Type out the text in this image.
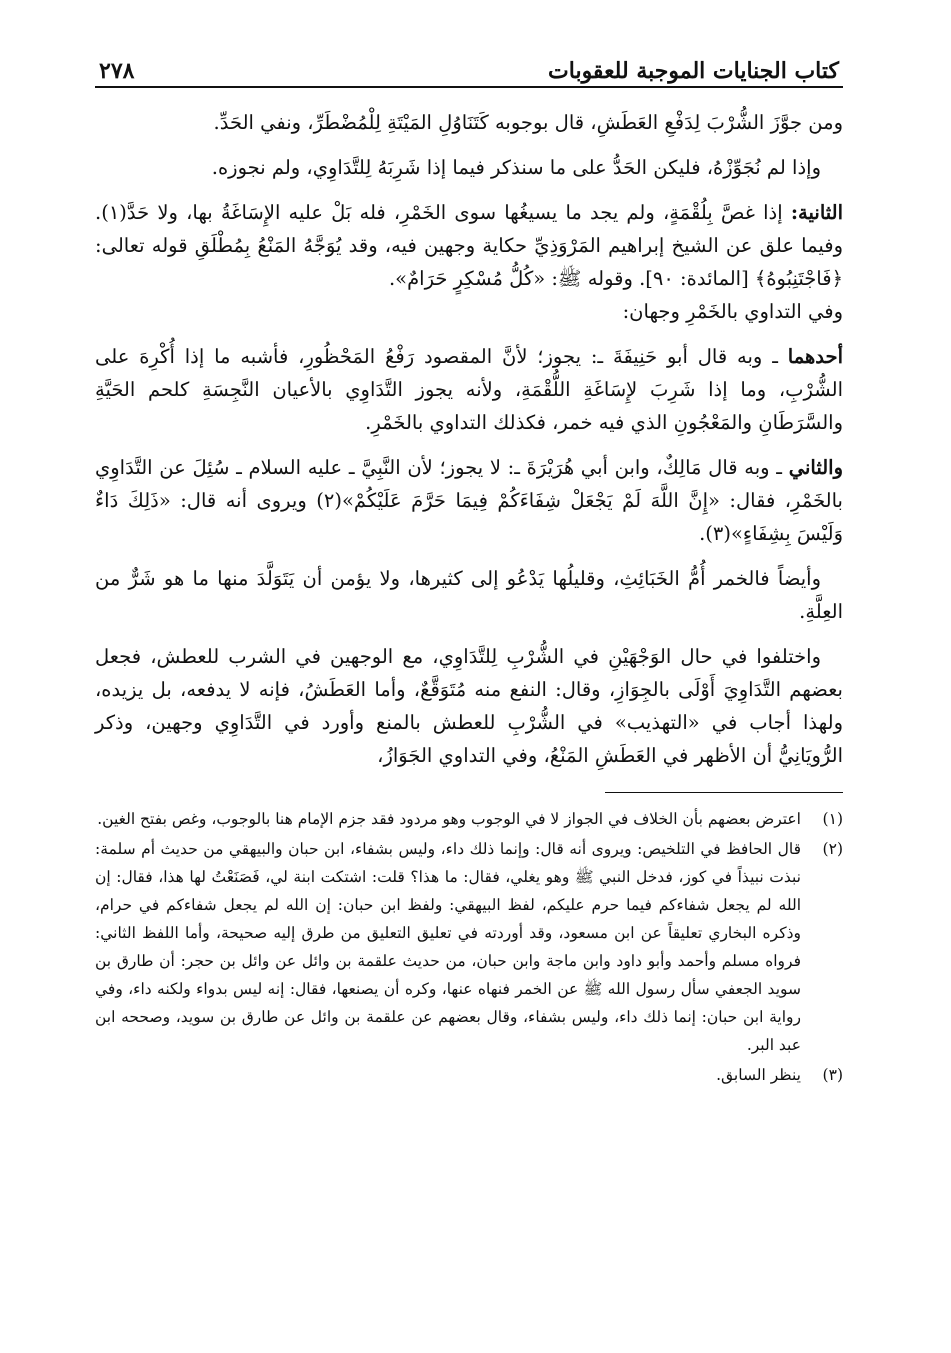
كتاب الجنايات الموجبة للعقوبات
٢٧٨

ومن جوَّزَ الشُّرْبَ لِدَفْعِ العَطَشِ، قال بوجوبه كَتَنَاوُلِ المَيْتَةِ لِلْمُضْطَرِّ، ونفي الحَدِّ.

وإذا لم نُجَوِّزْهُ، فليكن الحَدُّ على ما سنذكر فيما إذا شَرِبَهُ لِلتَّدَاوِي، ولم نجوزه.

الثانية: إذا غصَّ بِلُقْمَةٍ، ولم يجد ما يسيغُها سوى الخَمْرِ، فله بَلْ عليه الإِسَاغَةُ بها، ولا حَدَّ(١). وفيما علق عن الشيخ إبراهيم المَرْوَذِيِّ حكاية وجهين فيه، وقد يُوَجَّهُ المَنْعُ بِمُطْلَقِ قوله تعالى: ﴿فَاجْتَنِبُوهُ﴾ [المائدة: ٩٠]. وقوله ﷺ: «كُلُّ مُسْكِرٍ حَرَامٌ».
وفي التداوي بالخَمْرِ وجهان:

أحدهما ـ وبه قال أبو حَنِيفَةَ ـ: يجوز؛ لأنَّ المقصود رَفْعُ المَحْظُورِ، فأشبه ما إذا أُكْرِهَ على الشُّرْبِ، وما إذا شَرِبَ لإِسَاغَةِ اللُّقْمَةِ، ولأنه يجوز التَّدَاوِي بالأعيان النَّجِسَةِ كلحم الحَيَّةِ والسَّرَطَانِ والمَعْجُونِ الذي فيه خمر، فكذلك التداوي بالخَمْرِ.

والثاني ـ وبه قال مَالِكٌ، وابن أبي هُرَيْرَةَ ـ: لا يجوز؛ لأن النَّبِيَّ ـ عليه السلام ـ سُئِلَ عن التَّدَاوِي بالخَمْرِ، فقال: «إِنَّ اللَّهَ لَمْ يَجْعَلْ شِفَاءَكُمْ فِيمَا حَرَّمَ عَلَيْكُمْ»(٢) ويروى أنه قال: «ذَلِكَ دَاءٌ وَلَيْسَ بِشِفَاءٍ»(٣).

وأيضاً فالخمر أُمُّ الخَبَائِثِ، وقليلُها يَدْعُو إلى كثيرها، ولا يؤمن أن يَتَوَلَّدَ منها ما هو شَرٌّ من العِلَّةِ.

واختلفوا في حال الوَجْهَيْنِ في الشُّرْبِ لِلتَّدَاوِي، مع الوجهين في الشرب للعطش، فجعل بعضهم التَّدَاوِيَ أَوْلَى بالجِوَازِ، وقال: النفع منه مُتَوَقَّعٌ، وأما العَطَشُ، فإنه لا يدفعه، بل يزيده، ولهذا أجاب في «التهذيب» في الشُّرْبِ للعطش بالمنع وأورد في التَّدَاوِي وجهين، وذكر الرُّويَانِيُّ أن الأظهر في العَطَشِ المَنْعُ، وفي التداوي الجَوَازُ،

(١)
اعترض بعضهم بأن الخلاف في الجواز لا في الوجوب وهو مردود فقد جزم الإمام هنا بالوجوب، وغص بفتح الغين.
(٢)
قال الحافظ في التلخيص: ويروى أنه قال: وإنما ذلك داء، وليس بشفاء، ابن حبان والبيهقي من حديث أم سلمة: نبذت نبيذاً في كوز، فدخل النبي ﷺ وهو يغلي، فقال: ما هذا؟ قلت: اشتكت ابنة لي، فَصَنَعْتُ لها هذا، فقال: إن الله لم يجعل شفاءكم فيما حرم عليكم، لفظ البيهقي: ولفظ ابن حبان: إن الله لم يجعل شفاءكم في حرام، وذكره البخاري تعليقاً عن ابن مسعود، وقد أوردته في تعليق التعليق من طرق إليه صحيحة، وأما اللفظ الثاني: فرواه مسلم وأحمد وأبو داود وابن ماجة وابن حبان، من حديث علقمة بن وائل عن وائل بن حجر: أن طارق بن سويد الجعفي سأل رسول الله ﷺ عن الخمر فنهاه عنها، وكره أن يصنعها، فقال: إنه ليس بدواء ولكنه داء، وفي رواية ابن حبان: إنما ذلك داء، وليس بشفاء، وقال بعضهم عن علقمة بن وائل عن طارق بن سويد، وصححه ابن عبد البر.
(٣)
ينظر السابق.
